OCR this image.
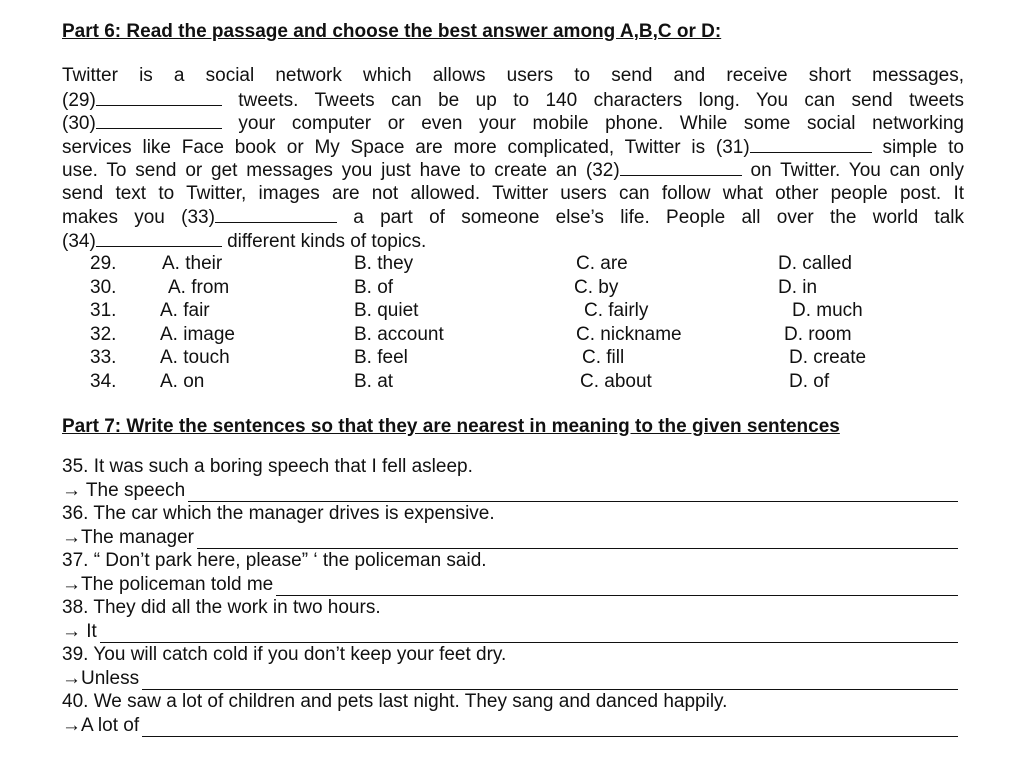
Part 6: Read the passage and choose the best answer among A,B,C or D:
Twitter is a social network which allows users to send and receive short messages,
(29)	tweets. Tweets can be up to 140 characters long. You can send tweets
(30)	your computer or even your mobile phone. While some social networking
services like Face book or My Space are more complicated, Twitter is (31)	simple to
use. To send or get messages you just have to create an (32)	on Twitter. You can only
send text to Twitter, images are not allowed. Twitter users can follow what other people post. It
makes you (33)	a part of someone else’s life. People all over the world talk
(34)	different kinds of topics.
29. A. their	B. they	C. are	D. called
30.	A. from	B. of	C. by	D. in
31. A. fair	B. quiet	C. fairly	D. much
32. A. image	B. account	C. nickname	D. room
33. A. touch	B. feel	C. fill	D. create
34. A. on	B. at	C. about	D. of
Part 7: Write the sentences so that they are nearest in meaning to the given sentences
35. It was such a boring speech that I fell asleep.
→ The speech
36. The car which the manager drives is expensive.
→The manager
37. “ Don’t park here, please” ‘ the policeman said.
→The policeman told me
38. They did all the work in two hours.
→ It
39. You will catch cold if you don’t keep your feet dry.
→Unless
40. We saw a lot of children and pets last night. They sang and danced happily.
→A lot of
